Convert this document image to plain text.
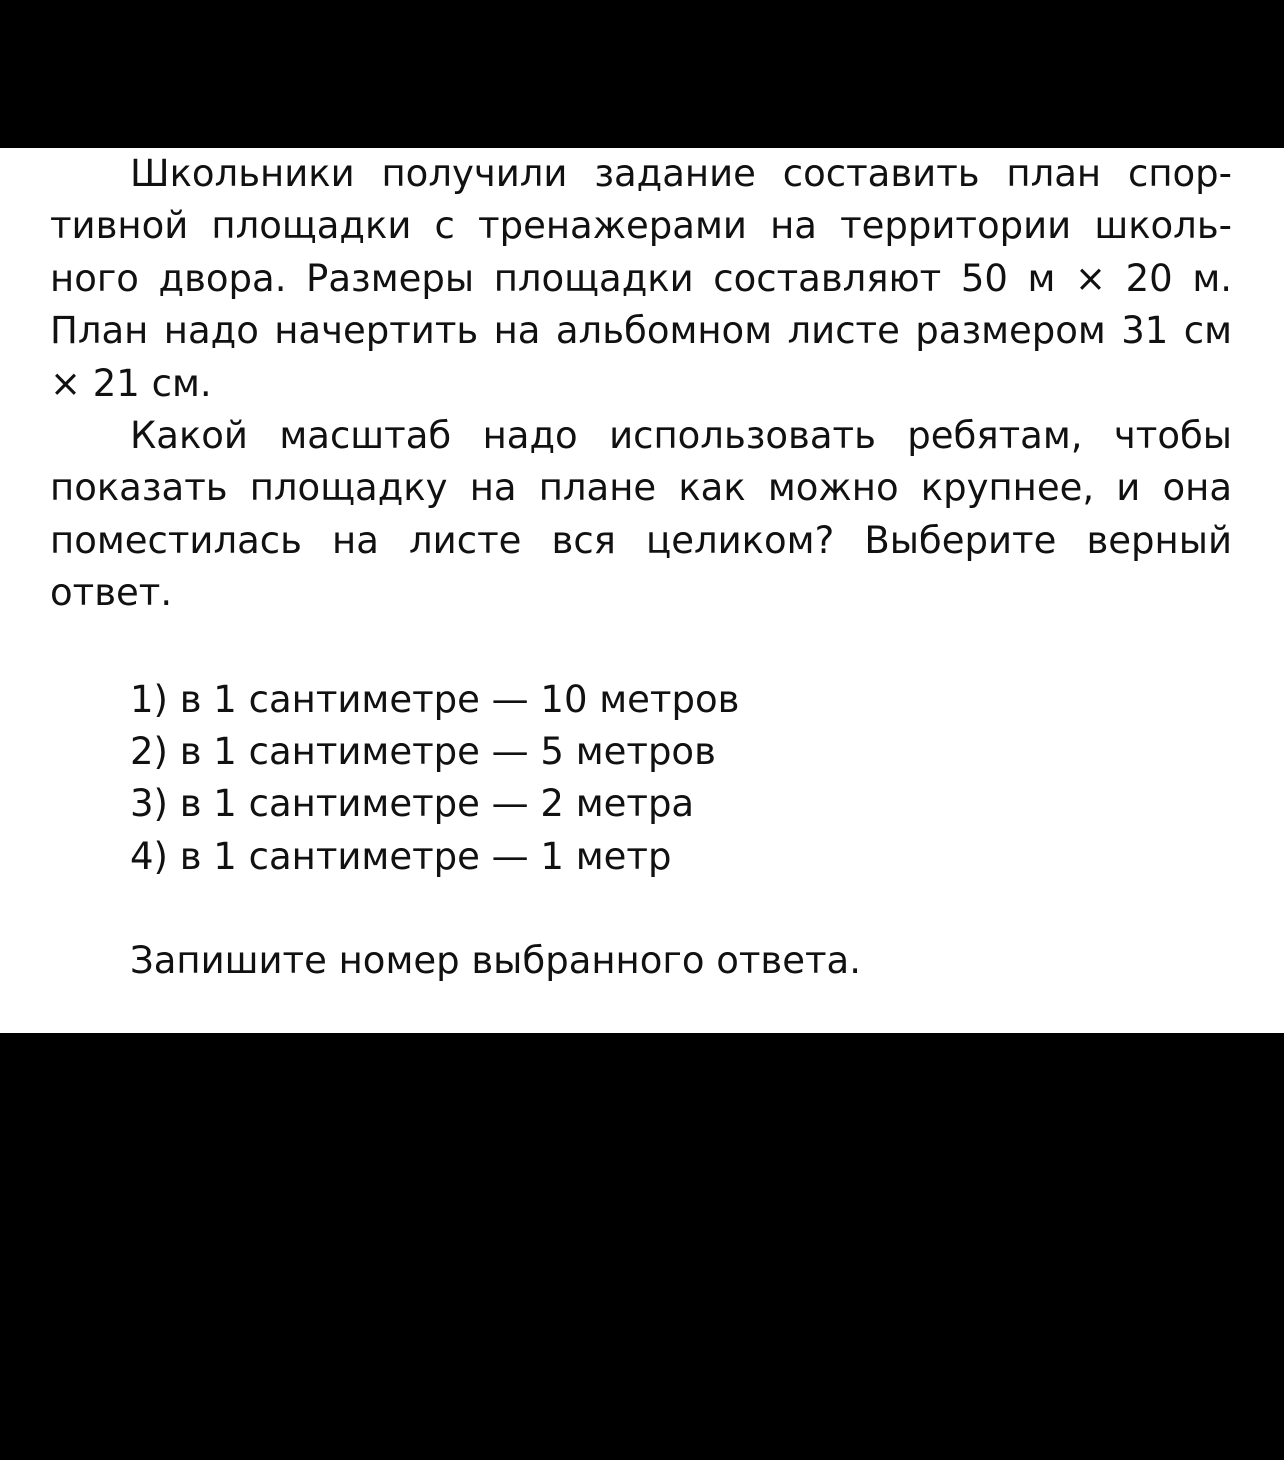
Школьники получили задание составить план спортивной площадки с тренажерами на территории школьного двора. Размеры площадки составляют 50 м × 20 м. План надо начертить на альбомном листе размером 31 см × 21 см.

Какой масштаб надо использовать ребятам, чтобы показать площадку на плане как можно крупнее, и она поместилась на листе вся целиком? Выберите верный ответ.

1) в 1 сантиметре — 10 метров
2) в 1 сантиметре — 5 метров
3) в 1 сантиметре — 2 метра
4) в 1 сантиметре — 1 метр

Запишите номер выбранного ответа.
